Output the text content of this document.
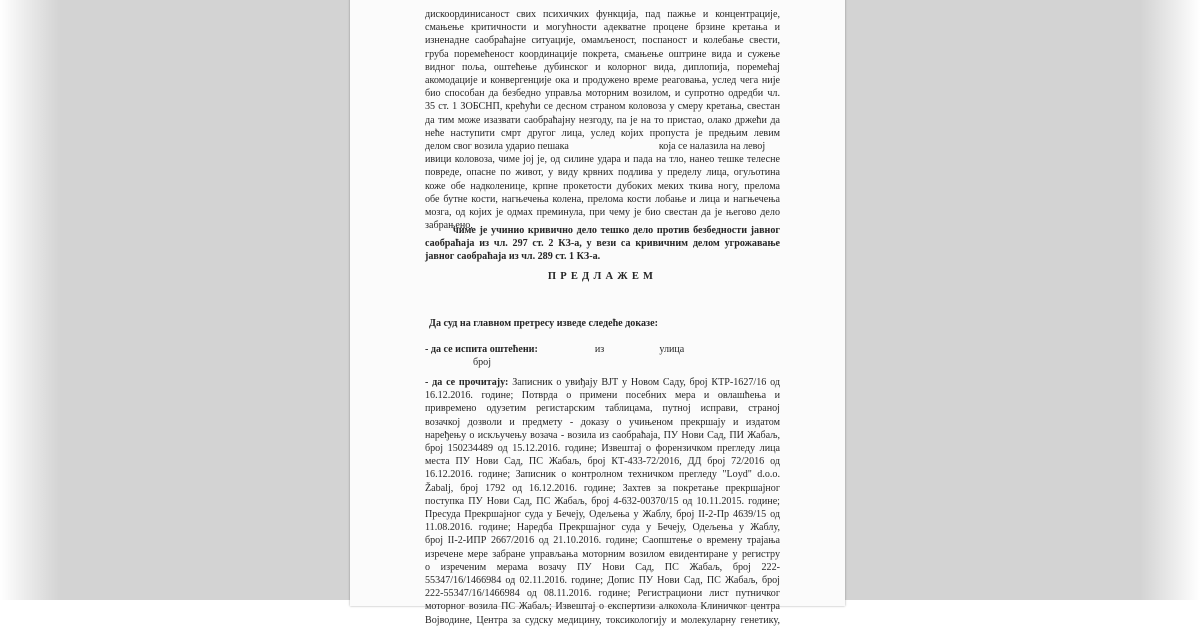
дискоординисаност свих психичких функција, пад пажње и концентрације,
смањење критичности и могућности адекватне процене брзине кретања и
изненадне саобраћајне ситуације, омамљеност, поспаност и колебање свести,
груба поремећеност координације покрета, смањење оштрине вида и сужење
видног поља, оштећење дубинског и колорног вида, диплопија, поремећај
акомодације и конвергенције ока и продужено време реаговања, услед чега није
био способан да безбедно управља моторним возилом, и супротно одредби чл.
35 ст. 1 ЗОБСНП, крећући се десном страном коловоза у смеру кретања, свестан
да тим може изазвати саобраћајну незгоду, па је на то пристао, олако држећи да
неће наступити смрт другог лица, услед којих пропуста је предњим левим
делом свог возила ударио пешака	која се налазила на левој
ивици коловоза, чиме јој је, од силине удара и пада на тло, нанео тешке телесне
повреде, опасне по живот, у виду крвних подлива у пределу лица, огуљотина
коже обе надколенице, крпне прокетости дубоких меких ткива ногу, прелома
обе бутне кости, нагњечења колена, прелома кости лобање и лица и нагњечења
мозга, од којих је одмах преминула, при чему је био свестан да је његово дело
забрањено,
чиме је учинио кривично дело тешко дело против безбедности јавног
саобраћаја из чл. 297 ст. 2 КЗ-а, у вези са кривичним делом угрожавање
јавног саобраћаја из чл. 289 ст. 1 КЗ-а.
ПРЕДЛАЖЕМ
Да суд на главном претресу изведе следеће доказе:
- да се испита оштећени:	из	улица
број
- да се прочитају: Записник о увиђају ВЈТ у Новом Саду, број КТР-1627/16 од
16.12.2016. године; Потврда о примени посебних мера и овлашћења и
привремено одузетим регистарским таблицама, путној исправи, страној
возачкој дозволи и предмету - доказу о учињеном прекршају и издатом
наређењу о искључењу возача - возила из саобраћаја, ПУ Нови Сад, ПИ Жабаљ,
број 150234489 од 15.12.2016. године; Извештај о форензичком прегледу лица
места ПУ Нови Сад, ПС Жабаљ, број КТ-433-72/2016, ДД број 72/2016 од
16.12.2016. године; Записник о контролном техничком прегледу "Loyd" d.o.o.
Žabalj, број 1792 од 16.12.2016. године; Захтев за покретање прекршајног
поступка ПУ Нови Сад, ПС Жабаљ, број 4-632-00370/15 од 10.11.2015. године;
Пресуда Прекршајног суда у Бечеју, Одељења у Жаблу, број II-2-Пр 4639/15 од
11.08.2016. године; Наредба Прекршајног суда у Бечеју, Одељења у Жаблу,
број II-2-ИПР 2667/2016 од 21.10.2016. године; Саопштење о времену трајања
изречене мере забране управљања моторним возилом евидентиране у регистру
о изреченим мерама возачу ПУ Нови Сад, ПС Жабаљ, број 222-
55347/16/1466984 од 02.11.2016. године; Допис ПУ Нови Сад, ПС Жабаљ, број
222-55347/16/1466984 од 08.11.2016. године; Регистрациони лист путничког
моторног возила ПС Жабаљ; Извештај о експертизи алкохола Клиничког центра
Војводине, Центра за судску медицину, токсикологију и молекуларну генетику,
